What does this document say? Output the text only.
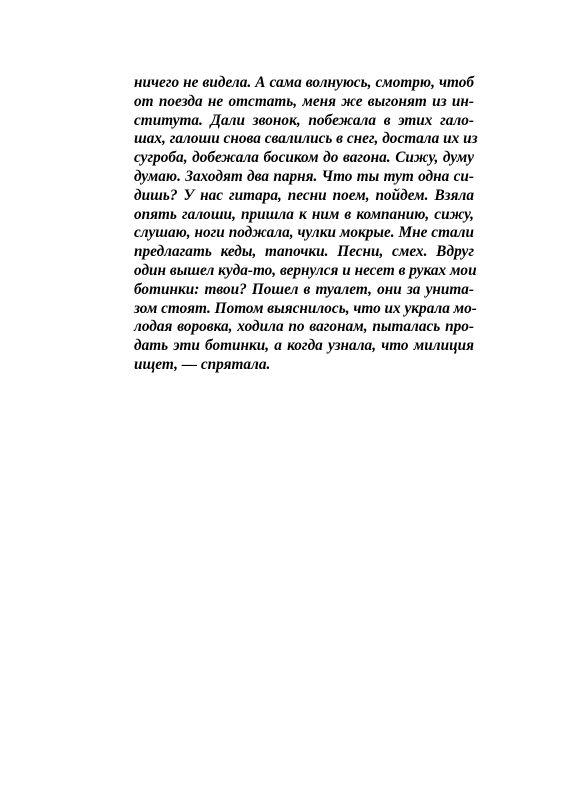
ничего не видела. А сама волнуюсь, смотрю, чтоб
от поезда не отстать, меня же выгонят из ин-
ститута. Дали звонок, побежала в этих гало-
шах, галоши снова свалились в снег, достала их из
сугроба, добежала босиком до вагона. Сижу, думу
думаю. Заходят два парня. Что ты тут одна си-
дишь? У нас гитара, песни поем, пойдем. Взяла
опять галоши, пришла к ним в компанию, сижу,
слушаю, ноги поджала, чулки мокрые. Мне стали
предлагать кеды, тапочки. Песни, смех. Вдруг
один вышел куда-то, вернулся и несет в руках мои
ботинки: твои? Пошел в туалет, они за унита-
зом стоят. Потом выяснилось, что их украла мо-
лодая воровка, ходила по вагонам, пыталась про-
дать эти ботинки, а когда узнала, что милиция
ищет, — спрятала.
